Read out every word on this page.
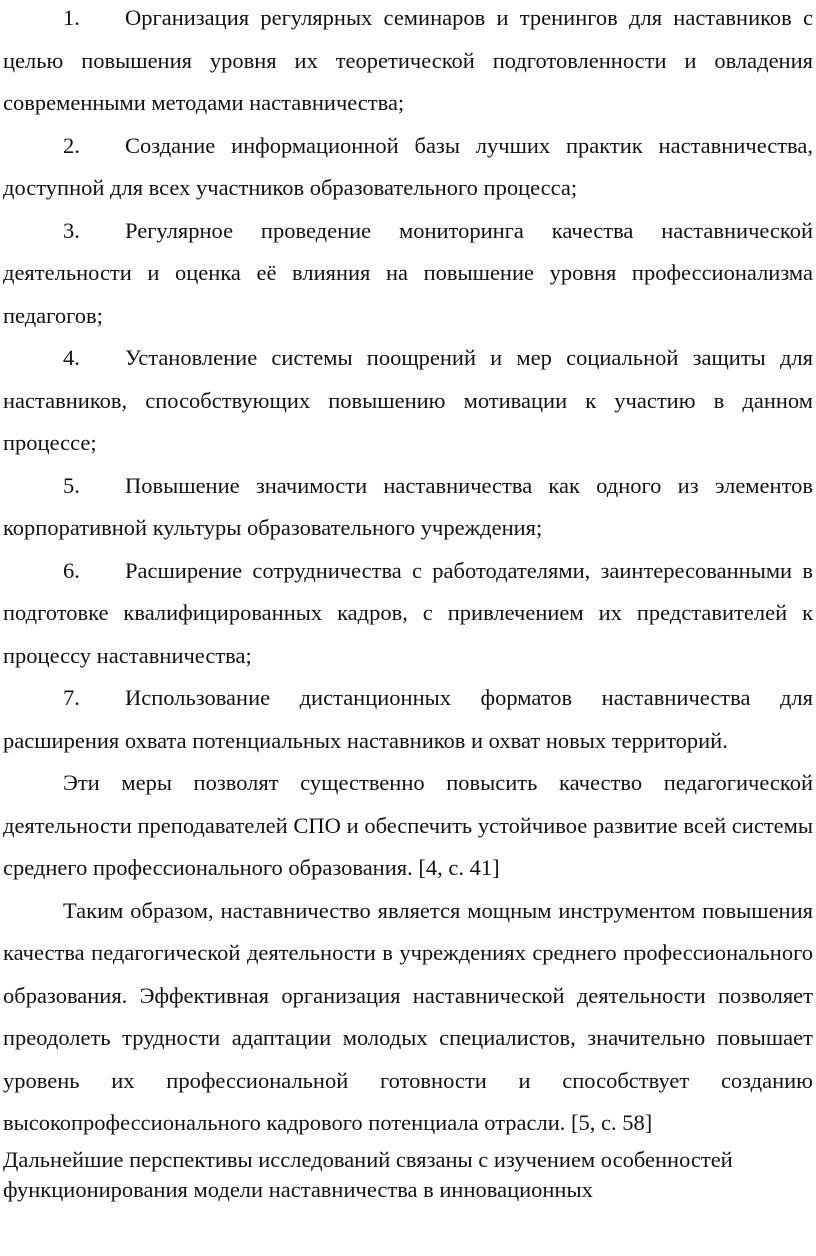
1. Организация регулярных семинаров и тренингов для наставников с целью повышения уровня их теоретической подготовленности и овладения современными методами наставничества;
2. Создание информационной базы лучших практик наставничества, доступной для всех участников образовательного процесса;
3. Регулярное проведение мониторинга качества наставнической деятельности и оценка её влияния на повышение уровня профессионализма педагогов;
4. Установление системы поощрений и мер социальной защиты для наставников, способствующих повышению мотивации к участию в данном процессе;
5. Повышение значимости наставничества как одного из элементов корпоративной культуры образовательного учреждения;
6. Расширение сотрудничества с работодателями, заинтересованными в подготовке квалифицированных кадров, с привлечением их представителей к процессу наставничества;
7. Использование дистанционных форматов наставничества для расширения охвата потенциальных наставников и охват новых территорий.
Эти меры позволят существенно повысить качество педагогической деятельности преподавателей СПО и обеспечить устойчивое развитие всей системы среднего профессионального образования. [4, с. 41]
Таким образом, наставничество является мощным инструментом повышения качества педагогической деятельности в учреждениях среднего профессионального образования. Эффективная организация наставнической деятельности позволяет преодолеть трудности адаптации молодых специалистов, значительно повышает уровень их профессиональной готовности и способствует созданию высокопрофессионального кадрового потенциала отрасли. [5, с. 58]
Дальнейшие перспективы исследований связаны с изучением особенностей функционирования модели наставничества в инновационных
